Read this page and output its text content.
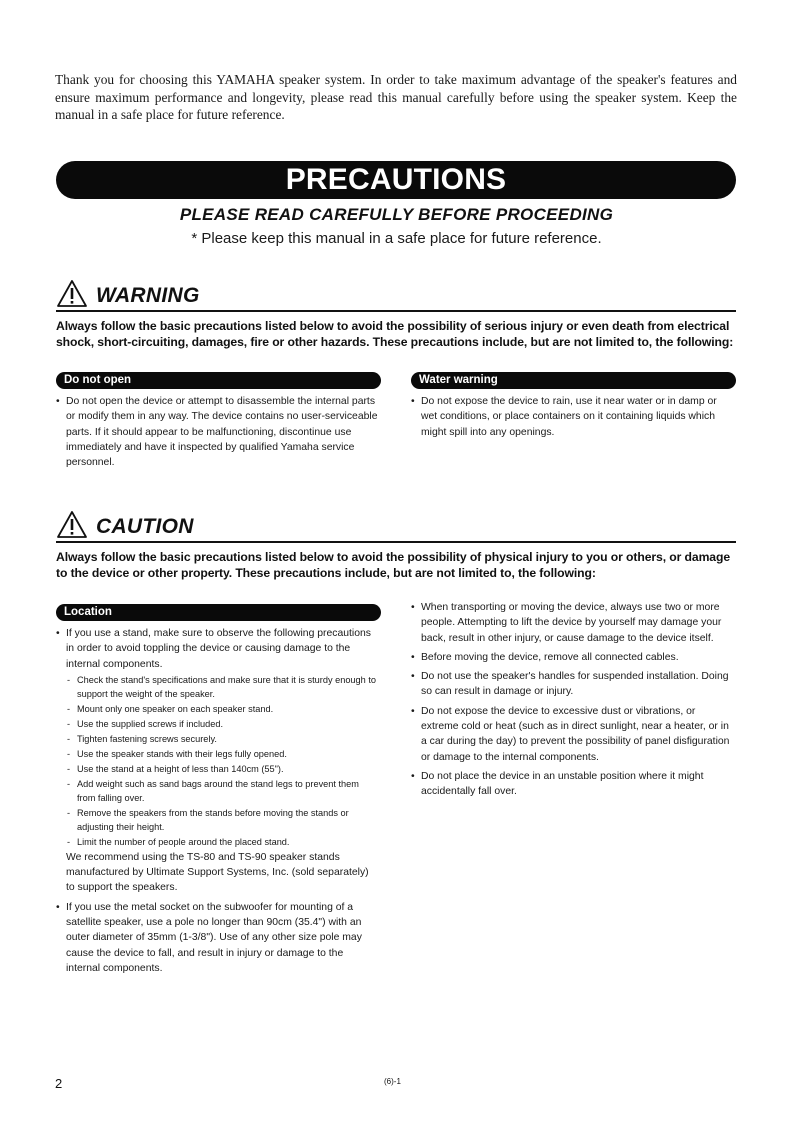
Thank you for choosing this YAMAHA speaker system. In order to take maximum advantage of the speaker's features and ensure maximum performance and longevity, please read this manual carefully before using the speaker system. Keep the manual in a safe place for future reference.

PRECAUTIONS
PLEASE READ CAREFULLY BEFORE PROCEEDING
* Please keep this manual in a safe place for future reference.
WARNING

Always follow the basic precautions listed below to avoid the possibility of serious injury or even death from electrical shock, short-circuiting, damages, fire or other hazards. These precautions include, but are not limited to, the following:

Do not open
• Do not open the device or attempt to disassemble the internal parts or modify them in any way. The device contains no user-serviceable parts. If it should appear to be malfunctioning, discontinue use immediately and have it inspected by qualified Yamaha service personnel.
Water warning
• Do not expose the device to rain, use it near water or in damp or wet conditions, or place containers on it containing liquids which might spill into any openings.
CAUTION

Always follow the basic precautions listed below to avoid the possibility of physical injury to you or others, or damage to the device or other property. These precautions include, but are not limited to, the following:

Location
• If you use a stand, make sure to observe the following precautions in order to avoid toppling the device or causing damage to the internal components.
- Check the stand's specifications and make sure that it is sturdy enough to support the weight of the speaker.
- Mount only one speaker on each speaker stand.
- Use the supplied screws if included.
- Tighten fastening screws securely.
- Use the speaker stands with their legs fully opened.
- Use the stand at a height of less than 140cm (55").
- Add weight such as sand bags around the stand legs to prevent them from falling over.
- Remove the speakers from the stands before moving the stands or adjusting their height.
- Limit the number of people around the placed stand.
We recommend using the TS-80 and TS-90 speaker stands manufactured by Ultimate Support Systems, Inc. (sold separately) to support the speakers.
• If you use the metal socket on the subwoofer for mounting of a satellite speaker, use a pole no longer than 90cm (35.4") with an outer diameter of 35mm (1-3/8"). Use of any other size pole may cause the device to fall, and result in injury or damage to the internal components.
• When transporting or moving the device, always use two or more people. Attempting to lift the device by yourself may damage your back, result in other injury, or cause damage to the device itself.
• Before moving the device, remove all connected cables.
• Do not use the speaker's handles for suspended installation. Doing so can result in damage or injury.
• Do not expose the device to excessive dust or vibrations, or extreme cold or heat (such as in direct sunlight, near a heater, or in a car during the day) to prevent the possibility of panel disfiguration or damage to the internal components.
• Do not place the device in an unstable position where it might accidentally fall over.
2	(6)-1
